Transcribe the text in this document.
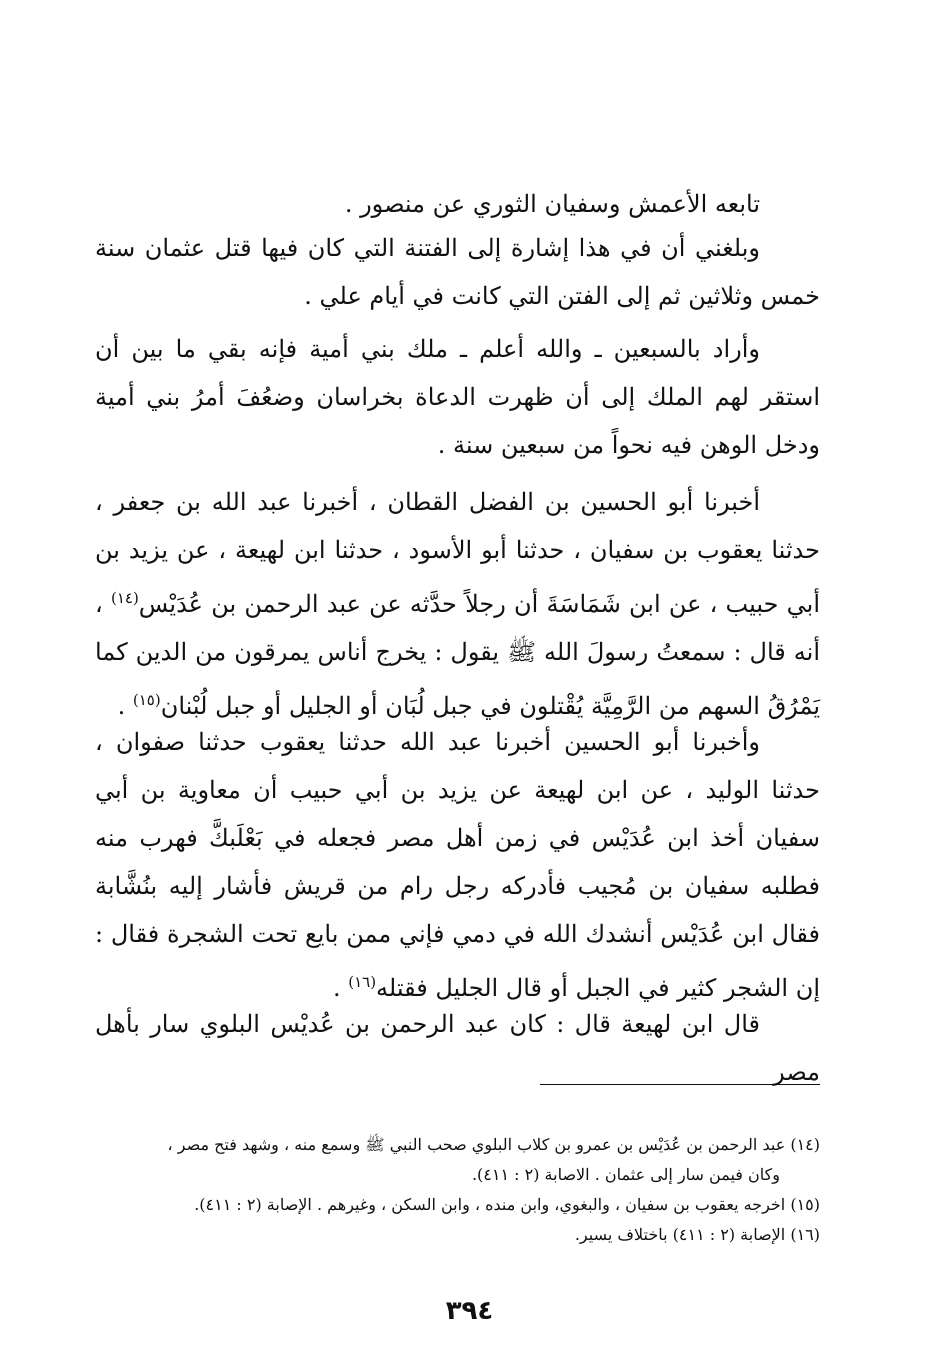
تابعه الأعمش وسفيان الثوري عن منصور .

وبلغني أن في هذا إشارة إلى الفتنة التي كان فيها قتل عثمان سنة خمس وثلاثين ثم إلى الفتن التي كانت في أيام علي .

وأراد بالسبعين ـ والله أعلم ـ ملك بني أمية فإنه بقي ما بين أن استقر لهم الملك إلى أن ظهرت الدعاة بخراسان وضعُفَ أمرُ بني أمية ودخل الوهن فيه نحواً من سبعين سنة .

أخبرنا أبو الحسين بن الفضل القطان ، أخبرنا عبد الله بن جعفر ، حدثنا يعقوب بن سفيان ، حدثنا أبو الأسود ، حدثنا ابن لهيعة ، عن يزيد بن أبي حبيب ، عن ابن شَمَاسَةَ أن رجلاً حدَّثه عن عبد الرحمن بن عُدَيْس$^{(١٤)}$ ، أنه قال : سمعتُ رسولَ الله ﷺ يقول : يخرج أناس يمرقون من الدين كما يَمْرُقُ السهم من الرَّمِيَّة يُقْتلون في جبل لُبَان أو الجليل أو جبل لُبْنان$^{(١٥)}$ .

وأخبرنا أبو الحسين أخبرنا عبد الله حدثنا يعقوب حدثنا صفوان ، حدثنا الوليد ، عن ابن لهيعة عن يزيد بن أبي حبيب أن معاوية بن أبي سفيان أخذ ابن عُدَيْس في زمن أهل مصر فجعله في بَعْلَبكَّ فهرب منه فطلبه سفيان بن مُجيب فأدركه رجل رام من قريش فأشار إليه بنُشَّابة فقال ابن عُدَيْس أنشدك الله في دمي فإني ممن بايع تحت الشجرة فقال : إن الشجر كثير في الجبل أو قال الجليل فقتله$^{(١٦)}$ .

قال ابن لهيعة قال : كان عبد الرحمن بن عُديْس البلوي سار بأهل مصر

(١٤) عبد الرحمن بن عُدَيْس بن عمرو بن كلاب البلوي صحب النبي ﷺ وسمع منه ، وشهد فتح مصر ،

وكان فيمن سار إلى عثمان . الاصابة (٢ : ٤١١).

(١٥) اخرجه يعقوب بن سفيان ، والبغوي، وابن منده ، وابن السكن ، وغيرهم . الإصابة (٢ : ٤١١).

(١٦) الإصابة (٢ : ٤١١) باختلاف يسير.

٣٩٤
